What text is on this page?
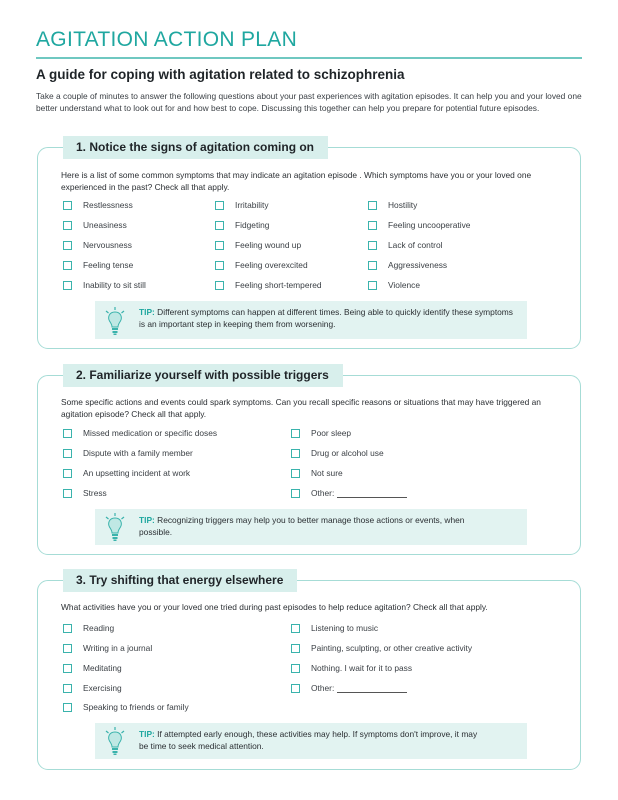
AGITATION ACTION PLAN
A guide for coping with agitation related to schizophrenia
Take a couple of minutes to answer the following questions about your past experiences with agitation episodes. It can help you and your loved one better understand what to look out for and how best to cope. Discussing this together can help you prepare for potential future episodes.
1. Notice the signs of agitation coming on
Here is a list of some common symptoms that may indicate an agitation episode . Which symptoms have you or your loved one experienced in the past? Check all that apply.
Restlessness	Irritability	Hostility
Uneasiness	Fidgeting	Feeling uncooperative
Nervousness	Feeling wound up	Lack of control
Feeling tense	Feeling overexcited	Aggressiveness
Inability to sit still	Feeling short-tempered	Violence
TIP: Different symptoms can happen at different times. Being able to quickly identify these symptoms is an important step in keeping them from worsening.
2. Familiarize yourself with possible triggers
Some specific actions and events could spark symptoms. Can you recall specific reasons or situations that may have triggered an agitation episode? Check all that apply.
Missed medication or specific doses	Poor sleep
Dispute with a family member	Drug or alcohol use
An upsetting incident at work	Not sure
Stress	Other:
TIP: Recognizing triggers may help you to better manage those actions or events, when possible.
3. Try shifting that energy elsewhere
What activities have you or your loved one tried during past episodes to help reduce agitation? Check all that apply.
Reading	Listening to music
Writing in a journal	Painting, sculpting, or other creative activity
Meditating	Nothing. I wait for it to pass
Exercising	Other:
Speaking to friends or family
TIP: If attempted early enough, these activities may help. If symptoms don't improve, it may be time to seek medical attention.
